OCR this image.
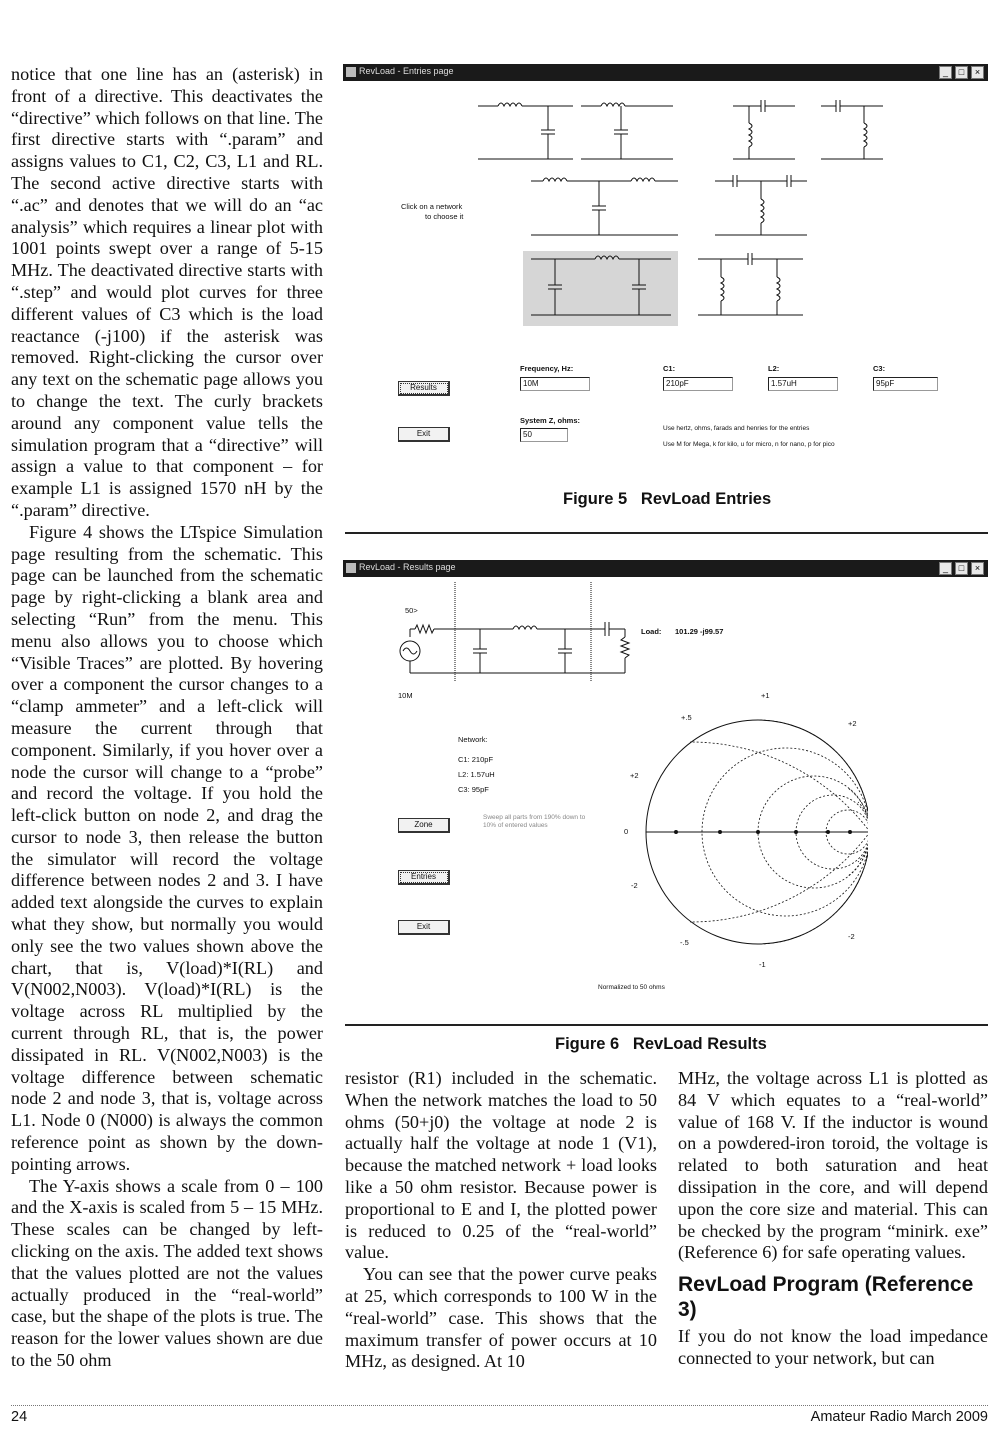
notice that one line has an (asterisk) in front of a directive. This deactivates the “directive” which follows on that line. The first directive starts with “.param” and assigns values to C1, C2, C3, L1 and RL. The second active directive starts with “.ac” and denotes that we will do an “ac analysis” which requires a linear plot with 1001 points swept over a range of 5-15 MHz. The deactivated directive starts with “.step” and would plot curves for three different values of C3 which is the load reactance (-j100) if the asterisk was removed. Right-clicking the cursor over any text on the schematic page allows you to change the text. The curly brackets around any component value tells the simulation program that a “directive” will assign a value to that component – for example L1 is assigned 1570 nH by the “.param” directive.

Figure 4 shows the LTspice Simulation page resulting from the schematic. This page can be launched from the schematic page by right-clicking a blank area and selecting “Run” from the menu. This menu also allows you to choose which “Visible Traces” are plotted. By hovering over a component the cursor changes to a “clamp ammeter” and a left-click will measure the current through that component. Similarly, if you hover over a node the cursor will change to a “probe” and record the voltage. If you hold the left-click button on node 2, and drag the cursor to node 3, then release the button the simulator will record the voltage difference between nodes 2 and 3. I have added text alongside the curves to explain what they show, but normally you would only see the two values shown above the chart, that is, V(load)*I(RL) and V(N002,N003). V(load)*I(RL) is the voltage across RL multiplied by the current through RL, that is, the power dissipated in RL. V(N002,N003) is the voltage difference between schematic node 2 and node 3, that is, voltage across L1. Node 0 (N000) is always the common reference point as shown by the down-pointing arrows.

The Y-axis shows a scale from 0 – 100 and the X-axis is scaled from 5 – 15 MHz. These scales can be changed by left-clicking on the axis. The added text shows that the values plotted are not the values actually produced in the “real-world” case, but the shape of the plots is true. The reason for the lower values shown are due to the 50 ohm

RevLoad - Entries page	_	□	×
Click on a network
to choose it
Results
Exit
Frequency, Hz:
10M
System Z, ohms:
50
C1:
210pF
L2:
1.57uH
C3:
95pF
Use hertz, ohms, farads and henries for the entries
Use M for Mega, k for kilo, u for micro, n for nano, p for pico
Figure 5   RevLoad Entries
RevLoad - Results page	_	□	×
50>
10M
Load: 101.29 -j99.57
Network:
C1: 210pF
L2: 1.57uH
C3: 95pF
Zone
Sweep all parts from 190% down to 10% of entered values
Entries
Exit
+1
+.5
+2
+2
0
-2
-.5
-2
-1
Normalized to 50 ohms
Figure 6   RevLoad Results

resistor (R1) included in the schematic. When the network matches the load to 50 ohms (50+j0) the voltage at node 2 is actually half the voltage at node 1 (V1), because the matched network + load looks like a 50 ohm resistor. Because power is proportional to E and I, the plotted power is reduced to 0.25 of the “real-world” value.

You can see that the power curve peaks at 25, which corresponds to 100 W in the “real-world” case. This shows that the maximum transfer of power occurs at 10 MHz, as designed. At 10

MHz, the voltage across L1 is plotted as 84 V which equates to a “real-world” value of 168 V. If the inductor is wound on a powdered-iron toroid, the voltage is related to both saturation and heat dissipation in the core, and will depend upon the core size and material. This can be checked by the program “minirk. exe” (Reference 6) for safe operating values.

RevLoad Program (Reference 3)

If you do not know the load impedance connected to your network, but can

24	Amateur Radio March 2009
